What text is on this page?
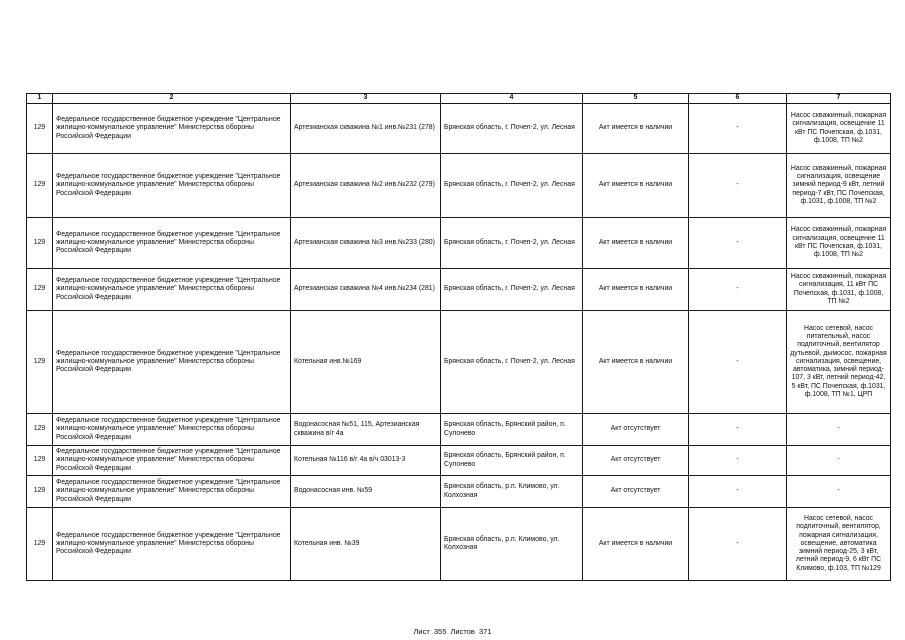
1	2	3	4	5	6	7
129	Федеральное государственное бюджетное учреждение "Центральное жилищно-коммунальное управление" Министерства обороны Российской Федерации	Артезианская скважина №1 инв.№231 (278)	Брянская область, г. Почеп-2, ул. Лесная	Акт имеется в наличии	-	Насос скважинный, пожарная сигнализация, освещение 11 кВт ПС Почепская, ф.1031, ф.1008, ТП №2
129	Федеральное государственное бюджетное учреждение "Центральное жилищно-коммунальное управление" Министерства обороны Российской Федерации	Артезианская скважина №2 инв.№232 (279)	Брянская область, г. Почеп-2, ул. Лесная	Акт имеется в наличии	-	Насос скважинный, пожарная сигнализация, освещение зимний период-9 кВт, летний период-7 кВт, ПС Почепская, ф.1031, ф.1008, ТП №2
129	Федеральное государственное бюджетное учреждение "Центральное жилищно-коммунальное управление" Министерства обороны Российской Федерации	Артезианская скважина №3 инв.№233 (280)	Брянская область, г. Почеп-2, ул. Лесная	Акт имеется в наличии	-	Насос скважинный, пожарная сигнализация, освещение 11 кВт ПС Почепская, ф.1031, ф.1008, ТП №2
129	Федеральное государственное бюджетное учреждение "Центральное жилищно-коммунальное управление" Министерства обороны Российской Федерации	Артезианская скважина №4 инв.№234 (281)	Брянская область, г. Почеп-2, ул. Лесная	Акт имеется в наличии	-	Насос скважинный, пожарная сигнализация, 11 кВт ПС Почепская, ф.1031, ф.1008, ТП №2
129	Федеральное государственное бюджетное учреждение "Центральное жилищно-коммунальное управление" Министерства обороны Российской Федерации	Котельная инв.№169	Брянская область, г. Почеп-2, ул. Лесная	Акт имеется в наличии	-	Насос сетевой, насос питательный, насос подпиточный, вентилятор дутьевой, дымосос, пожарная сигнализация, освещение, автоматика, зимний период- 107, 3 кВт, летний период-42, 5 кВт, ПС Почепская, ф.1031, ф.1008, ТП №1, ЦРП
129	Федеральное государственное бюджетное учреждение "Центральное жилищно-коммунальное управление" Министерства обороны Российской Федерации	Водонасосная №51, 115, Артезианская скважина в/г 4а	Брянская область, Брянский район, п. Сулонево	Акт отсутствует	-	-
129	Федеральное государственное бюджетное учреждение "Центральное жилищно-коммунальное управление" Министерства обороны Российской Федерации	Котельная №116 в/г 4а в/ч 03013-3	Брянская область, Брянский район, п. Сулонево	Акт отсутствует	-	-
129	Федеральное государственное бюджетное учреждение "Центральное жилищно-коммунальное управление" Министерства обороны Российской Федерации	Водонасосная инв. №59	Брянская область, р.п. Климово, ул. Колхозная	Акт отсутствует	-	-
129	Федеральное государственное бюджетное учреждение "Центральное жилищно-коммунальное управление" Министерства обороны Российской Федерации	Котельная инв. №39	Брянская область, р.п. Климово, ул. Колхозная	Акт имеется в наличии	-	Насос сетевой, насос подпиточный, вентилятор, пожарная сигнализация, освещение, автоматика зимний период-25, 3 кВт, летний период-9, 6 кВт ПС Климово, ф.103, ТП №129
Лист 355 Листов 371
